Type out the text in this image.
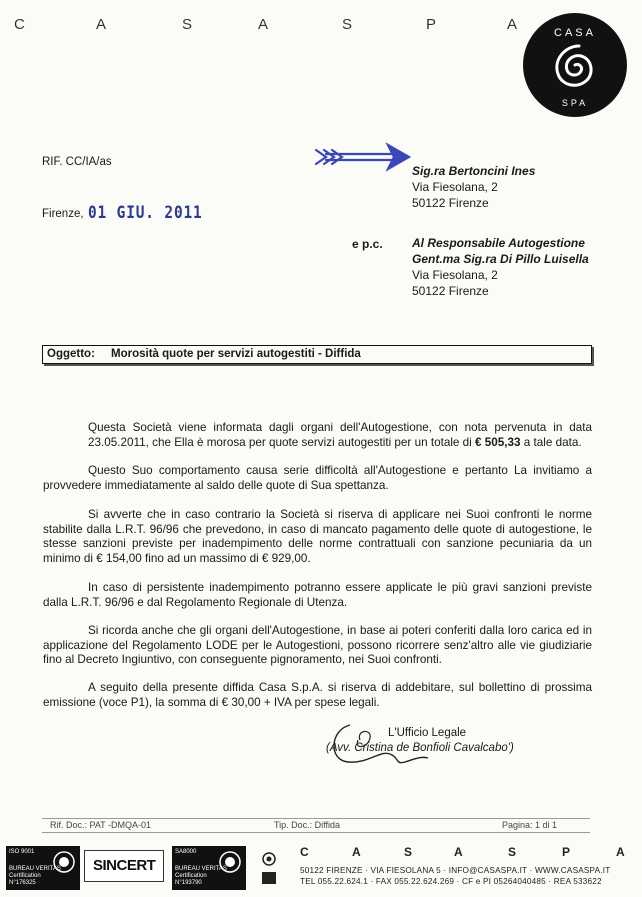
C	A	S	A	S	P	A	CASA
SPA
RIF. CC/IA/as
Sig.ra Bertoncini Ines
Via Fiesolana, 2
50122 Firenze
Firenze, 01 GIU. 2011
e p.c. Al Responsabile Autogestione
Gent.ma Sig.ra Di Pillo Luisella
Via Fiesolana, 2
50122 Firenze
Oggetto: Morosità quote per servizi autogestiti - Diffida

Questa Società viene informata dagli organi dell'Autogestione, con nota pervenuta in data 23.05.2011, che Ella è morosa per quote servizi autogestiti per un totale di € 505,33 a tale data.

Questo Suo comportamento causa serie difficoltà all'Autogestione e pertanto La invitiamo a provvedere immediatamente al saldo delle quote di Sua spettanza.
Si avverte che in caso contrario la Società si riserva di applicare nei Suoi confronti le norme stabilite dalla L.R.T. 96/96 che prevedono, in caso di mancato pagamento delle quote di autogestione, le stesse sanzioni previste per inadempimento delle norme contrattuali con sanzione pecuniaria da un minimo di € 154,00 fino ad un massimo di € 929,00.
In caso di persistente inadempimento potranno essere applicate le più gravi sanzioni previste dalla L.R.T. 96/96 e dal Regolamento Regionale di Utenza.
Si ricorda anche che gli organi dell'Autogestione, in base ai poteri conferiti dalla loro carica ed in applicazione del Regolamento LODE per le Autogestioni, possono ricorrere senz'altro alle vie giudiziarie fino al Decreto Ingiuntivo, con conseguente pignoramento, nei Suoi confronti.
A seguito della presente diffida Casa S.p.A. si riserva di addebitare, sul bollettino di prossima emissione (voce P1), la somma di € 30,00 + IVA per spese legali.
L'Ufficio Legale
(Avv. Cristina de Bonfioli Cavalcabo')
Rif. Doc.: PAT -DMQA-01	Tip. Doc.: Diffida	Pagina: 1 di 1
ISO 9001
BUREAU VERITAS
Certification
N°176325
SINCERT
SA8000
BUREAU VERITAS
Certification
N°193790
C	A	S	A	S	P	A
50122 FIRENZE · VIA FIESOLANA 5 · INFO@CASASPA.IT · WWW.CASASPA.IT
TEL 055.22.624.1 · FAX 055.22.624.269 · CF e PI 05264040485 · REA 533622
